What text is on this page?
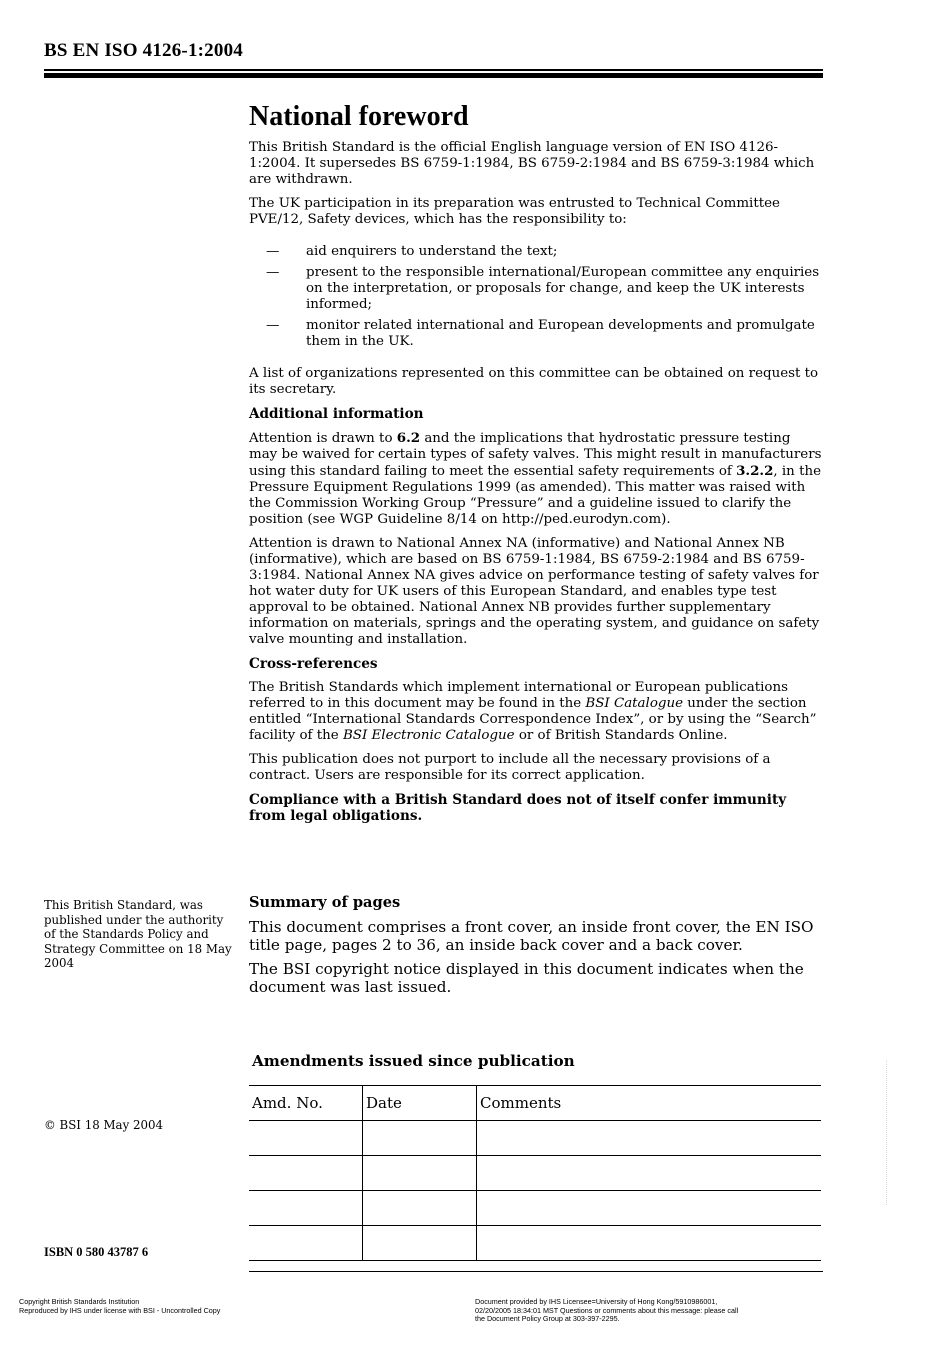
BS EN ISO 4126-1:2004
National foreword

This British Standard is the official English language version of EN ISO 4126-1:2004. It supersedes BS 6759-1:1984, BS 6759-2:1984 and BS 6759-3:1984 which are withdrawn.

The UK participation in its preparation was entrusted to Technical Committee PVE/12, Safety devices, which has the responsibility to:

— aid enquirers to understand the text;
— present to the responsible international/European committee any enquiries on the interpretation, or proposals for change, and keep the UK interests informed;
— monitor related international and European developments and promulgate them in the UK.

A list of organizations represented on this committee can be obtained on request to its secretary.

Additional information

Attention is drawn to 6.2 and the implications that hydrostatic pressure testing may be waived for certain types of safety valves. This might result in manufacturers using this standard failing to meet the essential safety requirements of 3.2.2, in the Pressure Equipment Regulations 1999 (as amended). This matter was raised with the Commission Working Group “Pressure” and a guideline issued to clarify the position (see WGP Guideline 8/14 on http://ped.eurodyn.com).

Attention is drawn to National Annex NA (informative) and National Annex NB (informative), which are based on BS 6759-1:1984, BS 6759-2:1984 and BS 6759-3:1984. National Annex NA gives advice on performance testing of safety valves for hot water duty for UK users of this European Standard, and enables type test approval to be obtained. National Annex NB provides further supplementary information on materials, springs and the operating system, and guidance on safety valve mounting and installation.

Cross-references

The British Standards which implement international or European publications referred to in this document may be found in the BSI Catalogue under the section entitled “International Standards Correspondence Index”, or by using the “Search” facility of the BSI Electronic Catalogue or of British Standards Online.

This publication does not purport to include all the necessary provisions of a contract. Users are responsible for its correct application.

Compliance with a British Standard does not of itself confer immunity from legal obligations.

This British Standard, was published under the authority of the Standards Policy and Strategy Committee on 18 May 2004
© BSI 18 May 2004
ISBN 0 580 43787 6
Summary of pages

This document comprises a front cover, an inside front cover, the EN ISO title page, pages 2 to 36, an inside back cover and a back cover.

The BSI copyright notice displayed in this document indicates when the document was last issued.

Amendments issued since publication
Amd. No.	Date	Comments

Copyright British Standards Institution
Reproduced by IHS under license with BSI - Uncontrolled Copy
Document provided by IHS Licensee=University of Hong Kong/5910986001,
02/20/2005 18:34:01 MST Questions or comments about this message: please call
the Document Policy Group at 303-397-2295.
